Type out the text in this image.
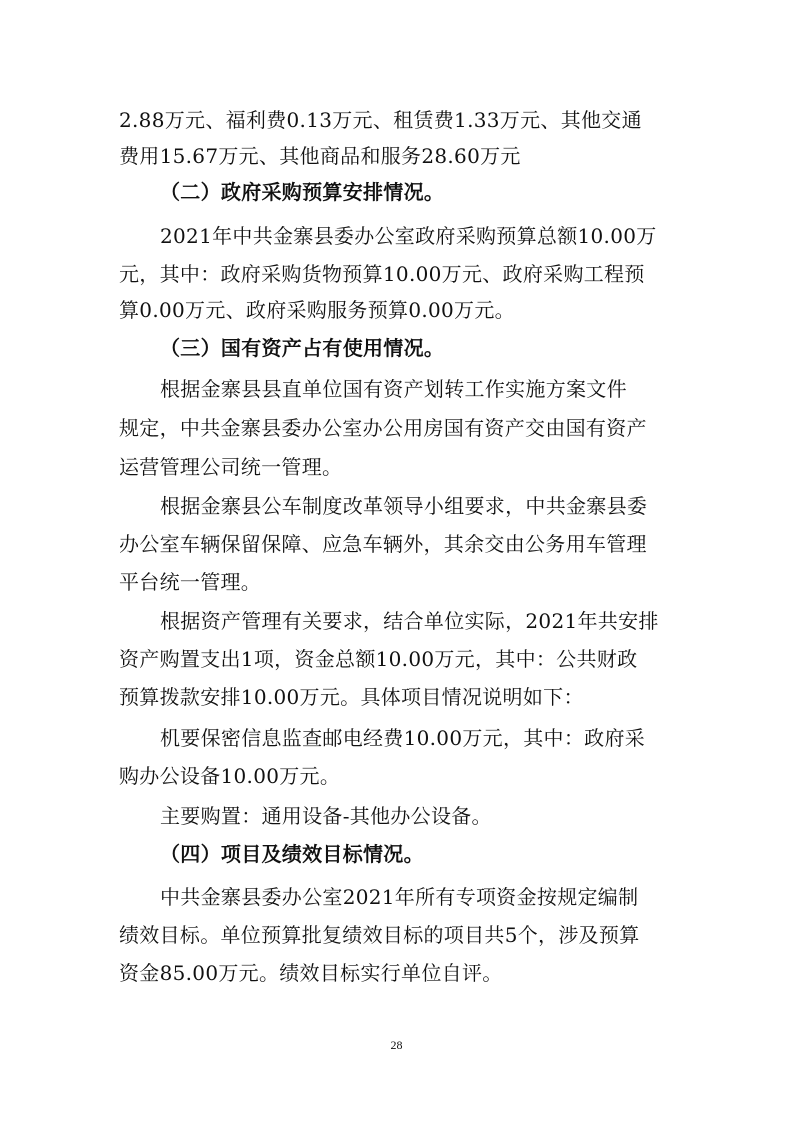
2.88万元、福利费0.13万元、租赁费1.33万元、其他交通
费用15.67万元、其他商品和服务28.60万元
（二）政府采购预算安排情况。
2021年中共金寨县委办公室政府采购预算总额10.00万
元，其中：政府采购货物预算10.00万元、政府采购工程预
算0.00万元、政府采购服务预算0.00万元。
（三）国有资产占有使用情况。
根据金寨县县直单位国有资产划转工作实施方案文件
规定，中共金寨县委办公室办公用房国有资产交由国有资产
运营管理公司统一管理。
根据金寨县公车制度改革领导小组要求，中共金寨县委
办公室车辆保留保障、应急车辆外，其余交由公务用车管理
平台统一管理。
根据资产管理有关要求，结合单位实际，2021年共安排
资产购置支出1项，资金总额10.00万元，其中：公共财政
预算拨款安排10.00万元。具体项目情况说明如下：
机要保密信息监查邮电经费10.00万元，其中：政府采
购办公设备10.00万元。
主要购置：通用设备-其他办公设备。
（四）项目及绩效目标情况。
中共金寨县委办公室2021年所有专项资金按规定编制
绩效目标。单位预算批复绩效目标的项目共5个，涉及预算
资金85.00万元。绩效目标实行单位自评。
28
